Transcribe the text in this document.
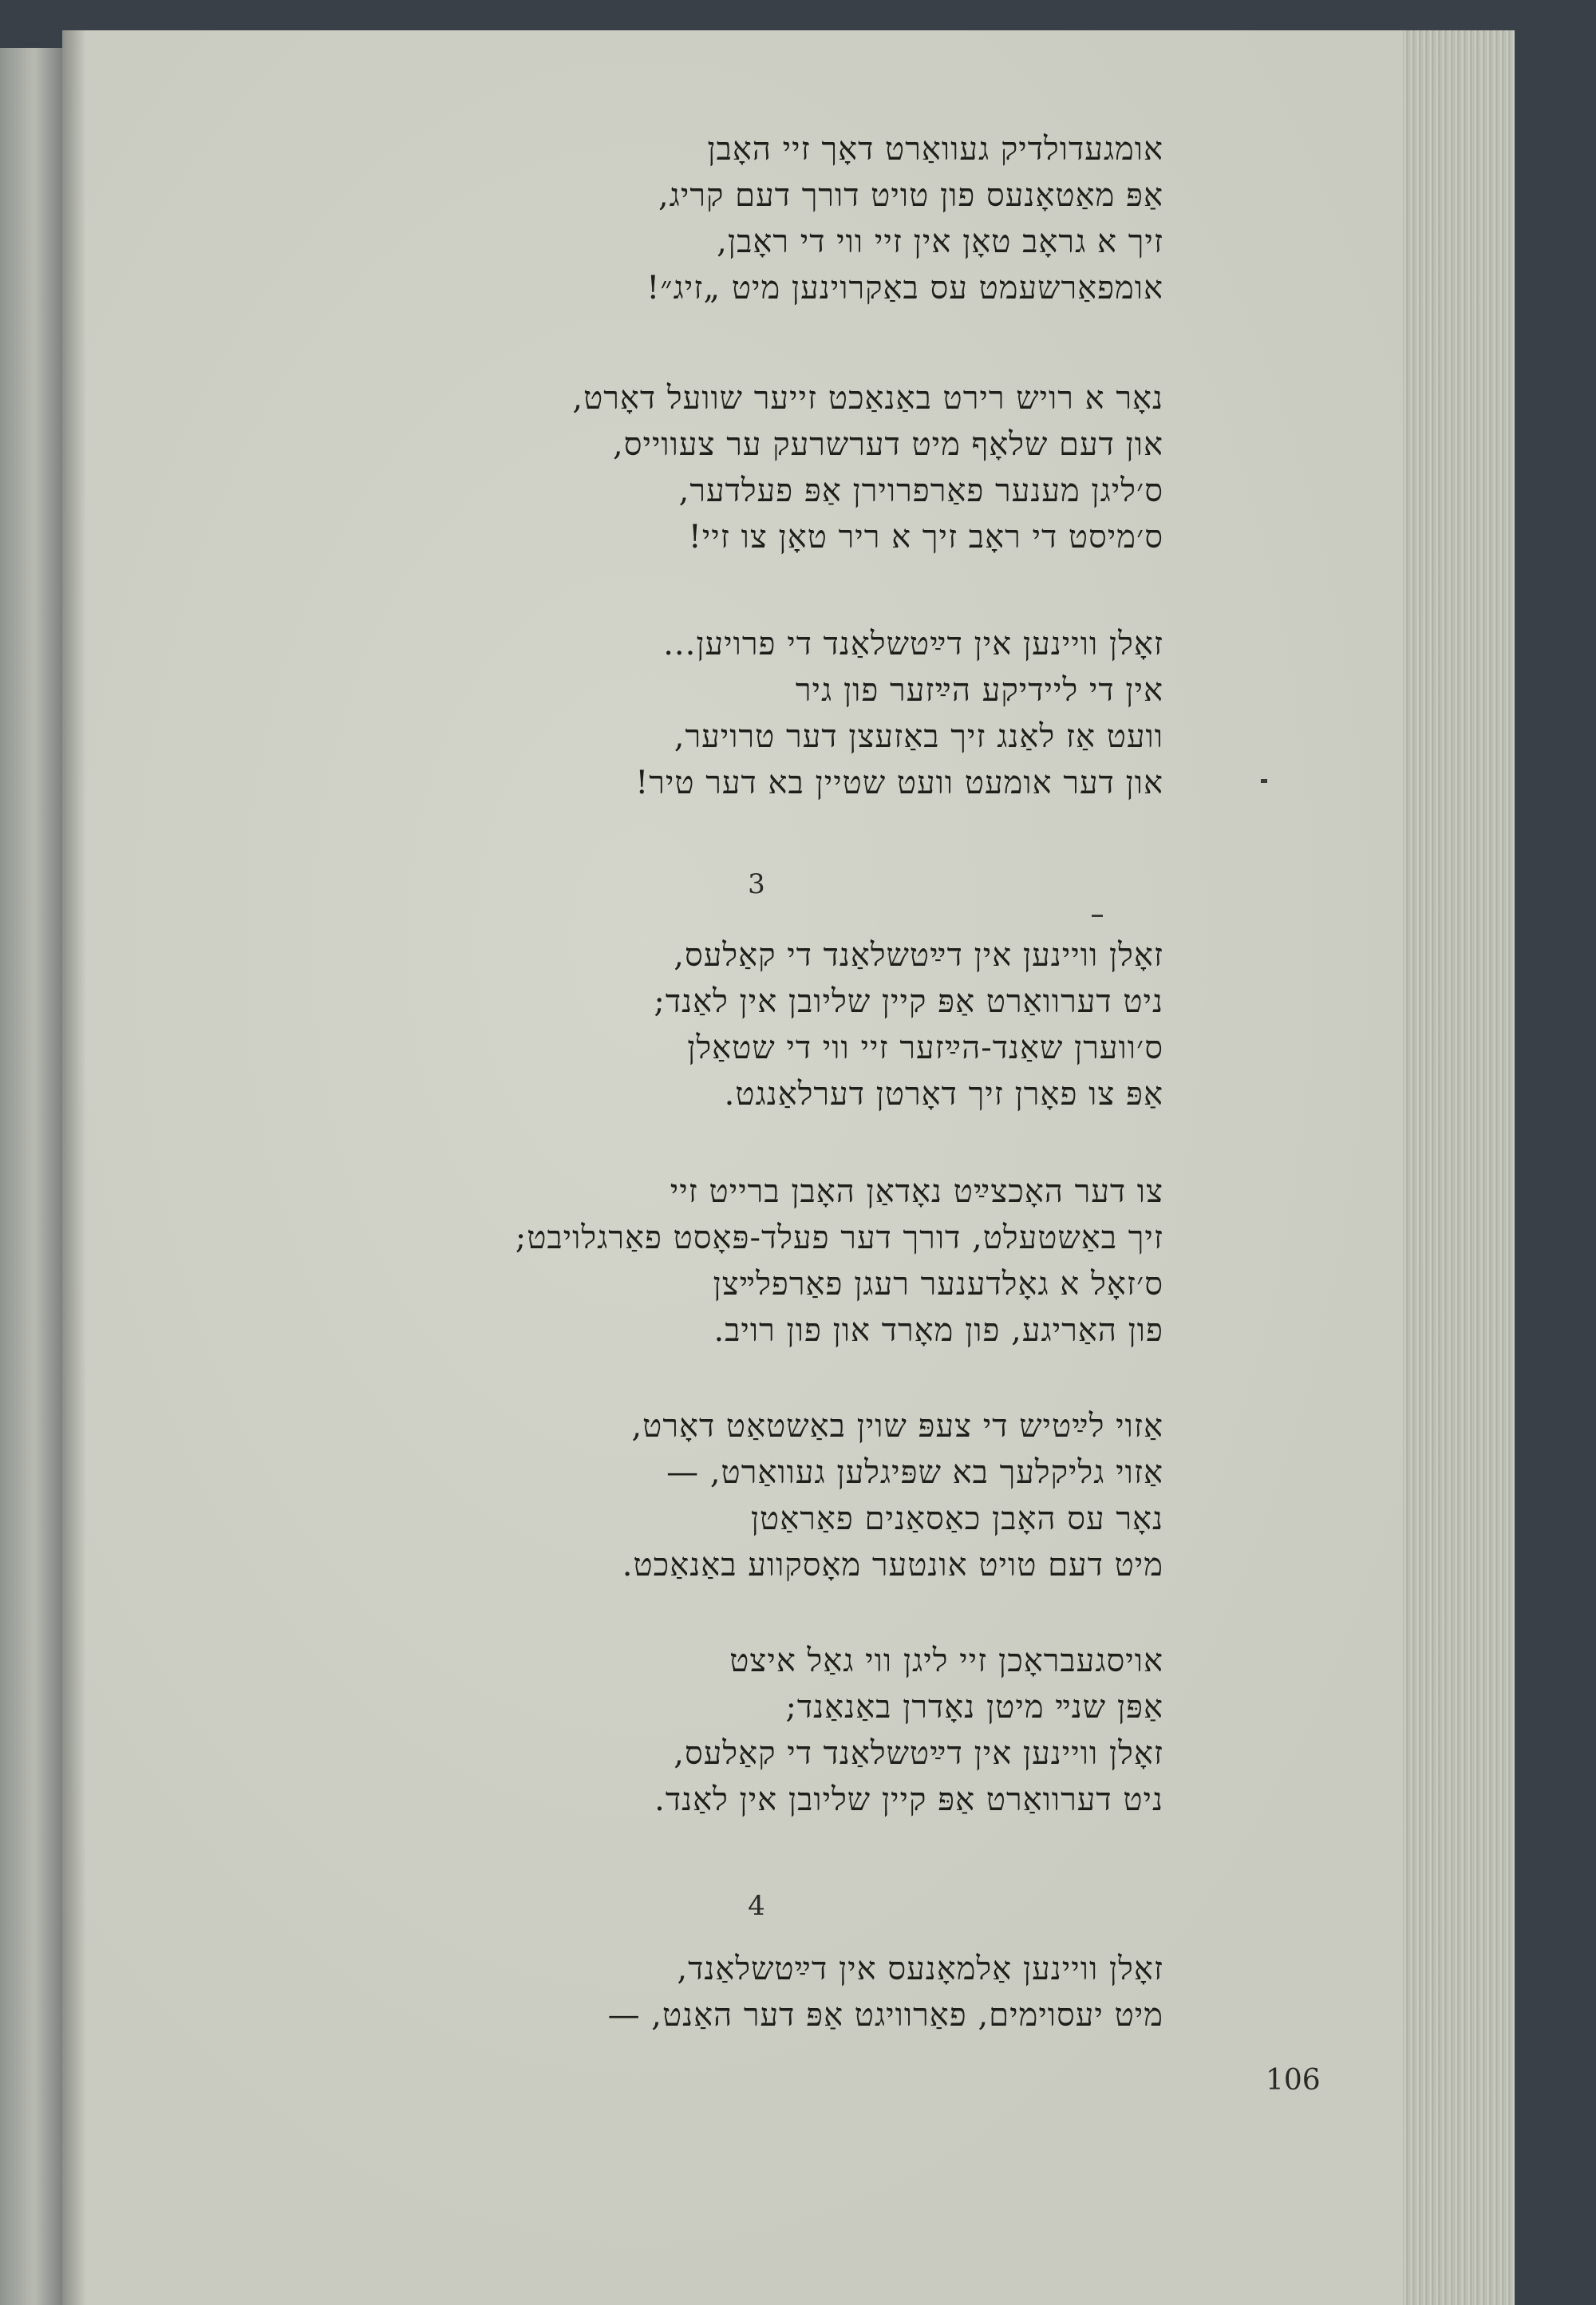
אומגעדולדיק געוואַרט דאָך זיי האָבן
אַפּ מאַטאָנעס פון טויט דורך דעם קריג,
זיך א גראָב טאָן אין זיי ווי די ראָבן,
אומפאַרשעמט עס באַקרוינען מיט „זיג״!
נאָר א רויש רירט באַנאַכט זייער שוועל דאָרט,
און דעם שלאָף מיט דערשרעק ער צעווייס,
ס׳ליגן מענער פאַרפרוירן אַפּ פעלדער,
ס׳מיסט די ראָב זיך א ריר טאָן צו זיי!
זאָלן וויינען אין דײַטשלאַנד די פרויען...
אין די ליידיקע הײַזער פון גיר
וועט אַז לאַנג זיך באַזעצן דער טרויער,
און דער אומעט וועט שטיין בא דער טיר!
3
זאָלן וויינען אין דײַטשלאַנד די קאַלעס,
ניט דערוואַרט אַפּ קיין שליובן אין לאַנד;
ס׳ווערן שאַנד-הײַזער זיי ווי די שטאַלן
אַפּ צו פאָרן זיך דאָרטן דערלאַנגט.
צו דער האָכצײַט נאָדאַן האָבן ברייט זיי
זיך באַשטעלט, דורך דער פעלד-פּאָסט פאַרגלויבט;
ס׳זאָל א גאָלדענער רעגן פאַרפלײצן
פון האַריגע, פון מאָרד און פון רויב.
אַזוי לײַטיש די צעפּ שוין באַשטאַט דאָרט,
אַזוי גליקלעך בא שפּיגלען געוואַרט, —
נאָר עס האָבן כאַסאַנים פאַראַטן
מיט דעם טויט אונטער מאָסקווע באַנאַכט.
אויסגעבראָכן זיי ליגן ווי גאַל איצט
אַפּן שנײ מיטן נאָדרן באַנאַנד;
זאָלן וויינען אין דײַטשלאַנד די קאַלעס,
ניט דערוואַרט אַפּ קיין שליובן אין לאַנד.
4
זאָלן וויינען אַלמאָנעס אין דײַטשלאַנד,
מיט יעסוימים, פאַרוויגט אַפּ דער האַנט, —
106
